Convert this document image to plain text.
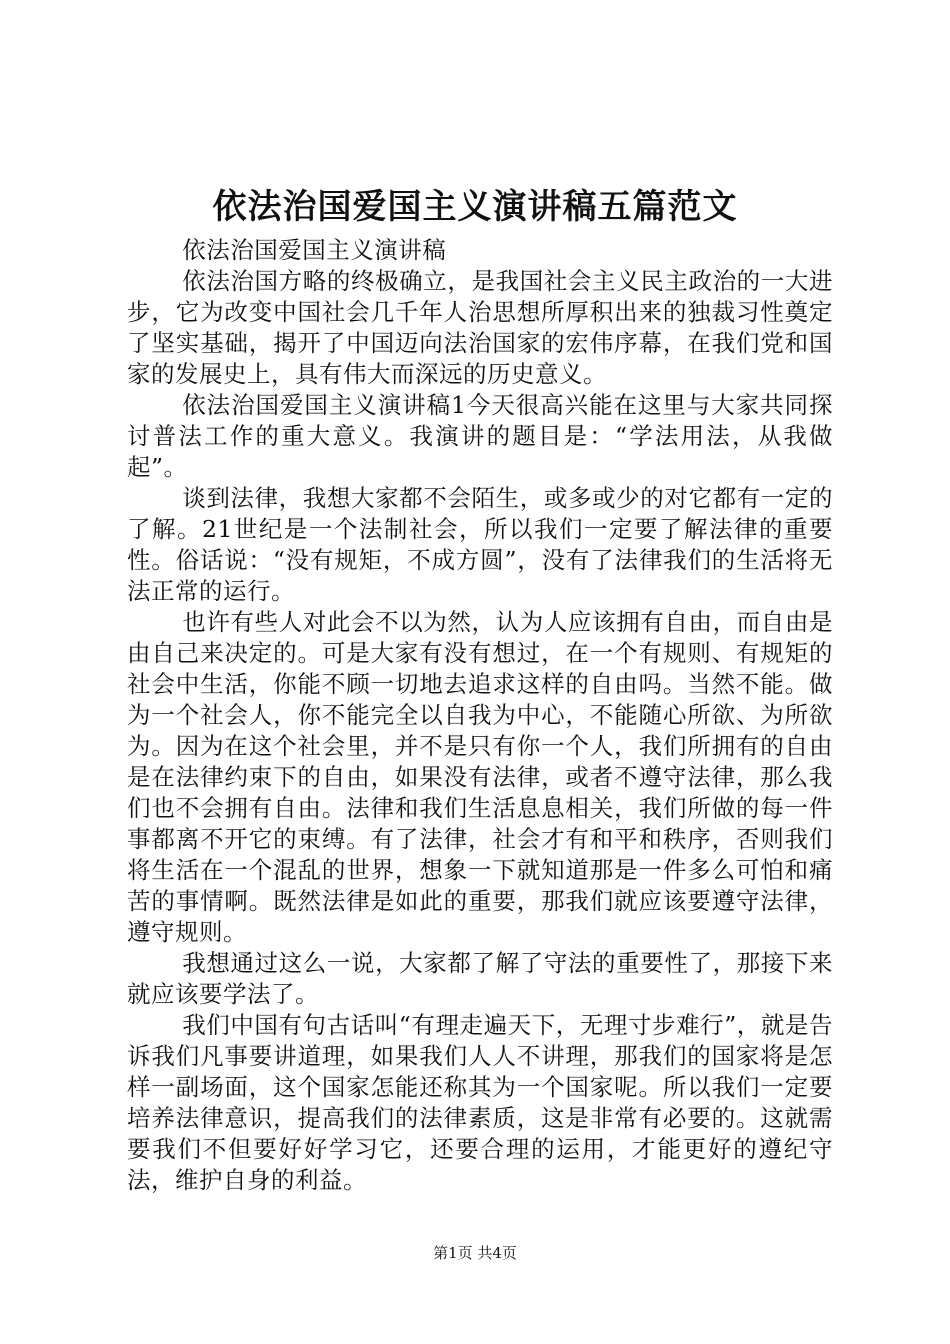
依法治国爱国主义演讲稿五篇范文

依法治国爱国主义演讲稿

依法治国方略的终极确立，是我国社会主义民主政治的一大进步，它为改变中国社会几千年人治思想所厚积出来的独裁习性奠定了坚实基础，揭开了中国迈向法治国家的宏伟序幕，在我们党和国家的发展史上，具有伟大而深远的历史意义。

依法治国爱国主义演讲稿1今天很高兴能在这里与大家共同探讨普法工作的重大意义。我演讲的题目是：“学法用法，从我做起”。

谈到法律，我想大家都不会陌生，或多或少的对它都有一定的了解。21世纪是一个法制社会，所以我们一定要了解法律的重要性。俗话说：“没有规矩，不成方圆”，没有了法律我们的生活将无法正常的运行。

也许有些人对此会不以为然，认为人应该拥有自由，而自由是由自己来决定的。可是大家有没有想过，在一个有规则、有规矩的社会中生活，你能不顾一切地去追求这样的自由吗。当然不能。做为一个社会人，你不能完全以自我为中心，不能随心所欲、为所欲为。因为在这个社会里，并不是只有你一个人，我们所拥有的自由是在法律约束下的自由，如果没有法律，或者不遵守法律，那么我们也不会拥有自由。法律和我们生活息息相关，我们所做的每一件事都离不开它的束缚。有了法律，社会才有和平和秩序，否则我们将生活在一个混乱的世界，想象一下就知道那是一件多么可怕和痛苦的事情啊。既然法律是如此的重要，那我们就应该要遵守法律，遵守规则。

我想通过这么一说，大家都了解了守法的重要性了，那接下来就应该要学法了。

我们中国有句古话叫“有理走遍天下，无理寸步难行”，就是告诉我们凡事要讲道理，如果我们人人不讲理，那我们的国家将是怎样一副场面，这个国家怎能还称其为一个国家呢。所以我们一定要培养法律意识，提高我们的法律素质，这是非常有必要的。这就需要我们不但要好好学习它，还要合理的运用，才能更好的遵纪守法，维护自身的利益。

第1页 共4页
